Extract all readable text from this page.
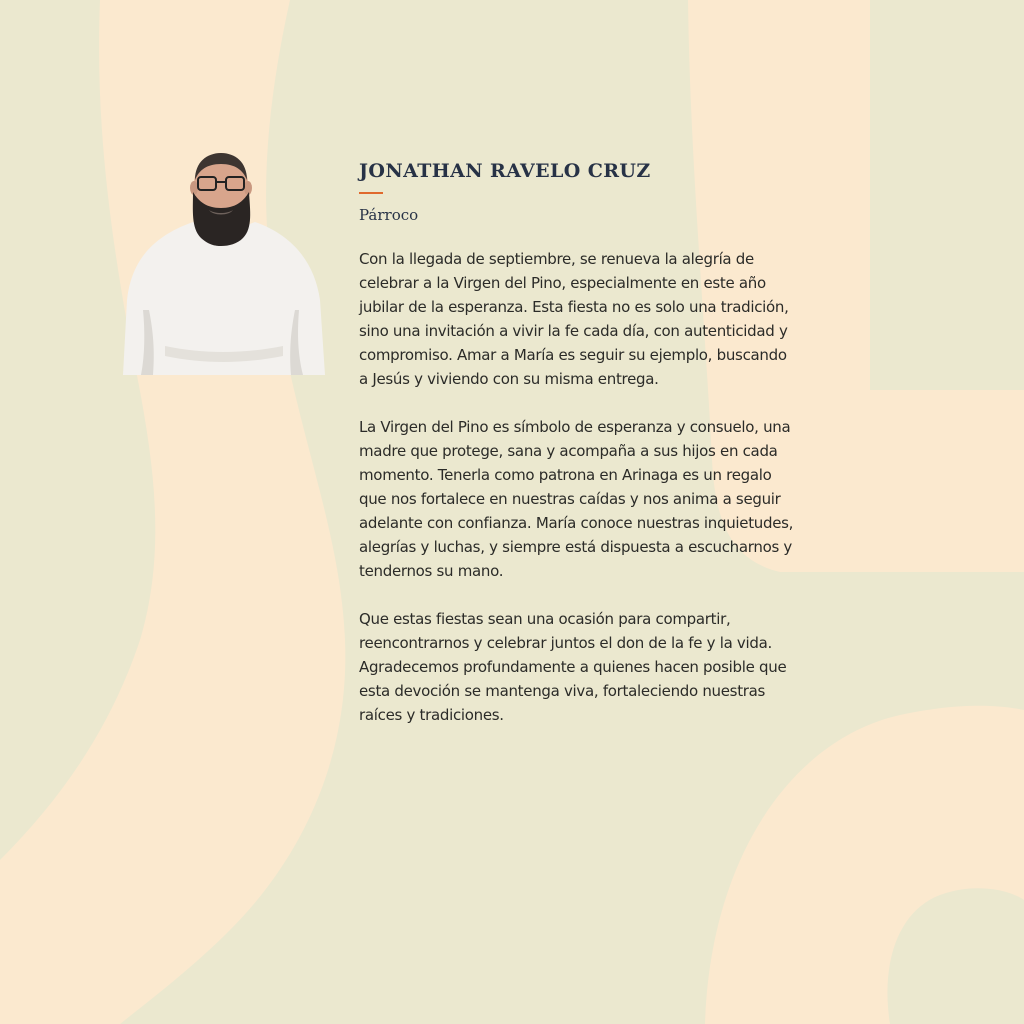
JONATHAN RAVELO CRUZ

Párroco

Con la llegada de septiembre, se renueva la alegría de
celebrar a la Virgen del Pino, especialmente en este año
jubilar de la esperanza. Esta fiesta no es solo una tradición,
sino una invitación a vivir la fe cada día, con autenticidad y
compromiso. Amar a María es seguir su ejemplo, buscando
a Jesús y viviendo con su misma entrega.

La Virgen del Pino es símbolo de esperanza y consuelo, una
madre que protege, sana y acompaña a sus hijos en cada
momento. Tenerla como patrona en Arinaga es un regalo
que nos fortalece en nuestras caídas y nos anima a seguir
adelante con confianza. María conoce nuestras inquietudes,
alegrías y luchas, y siempre está dispuesta a escucharnos y
tendernos su mano.

Que estas fiestas sean una ocasión para compartir,
reencontrarnos y celebrar juntos el don de la fe y la vida.
Agradecemos profundamente a quienes hacen posible que
esta devoción se mantenga viva, fortaleciendo nuestras
raíces y tradiciones.
